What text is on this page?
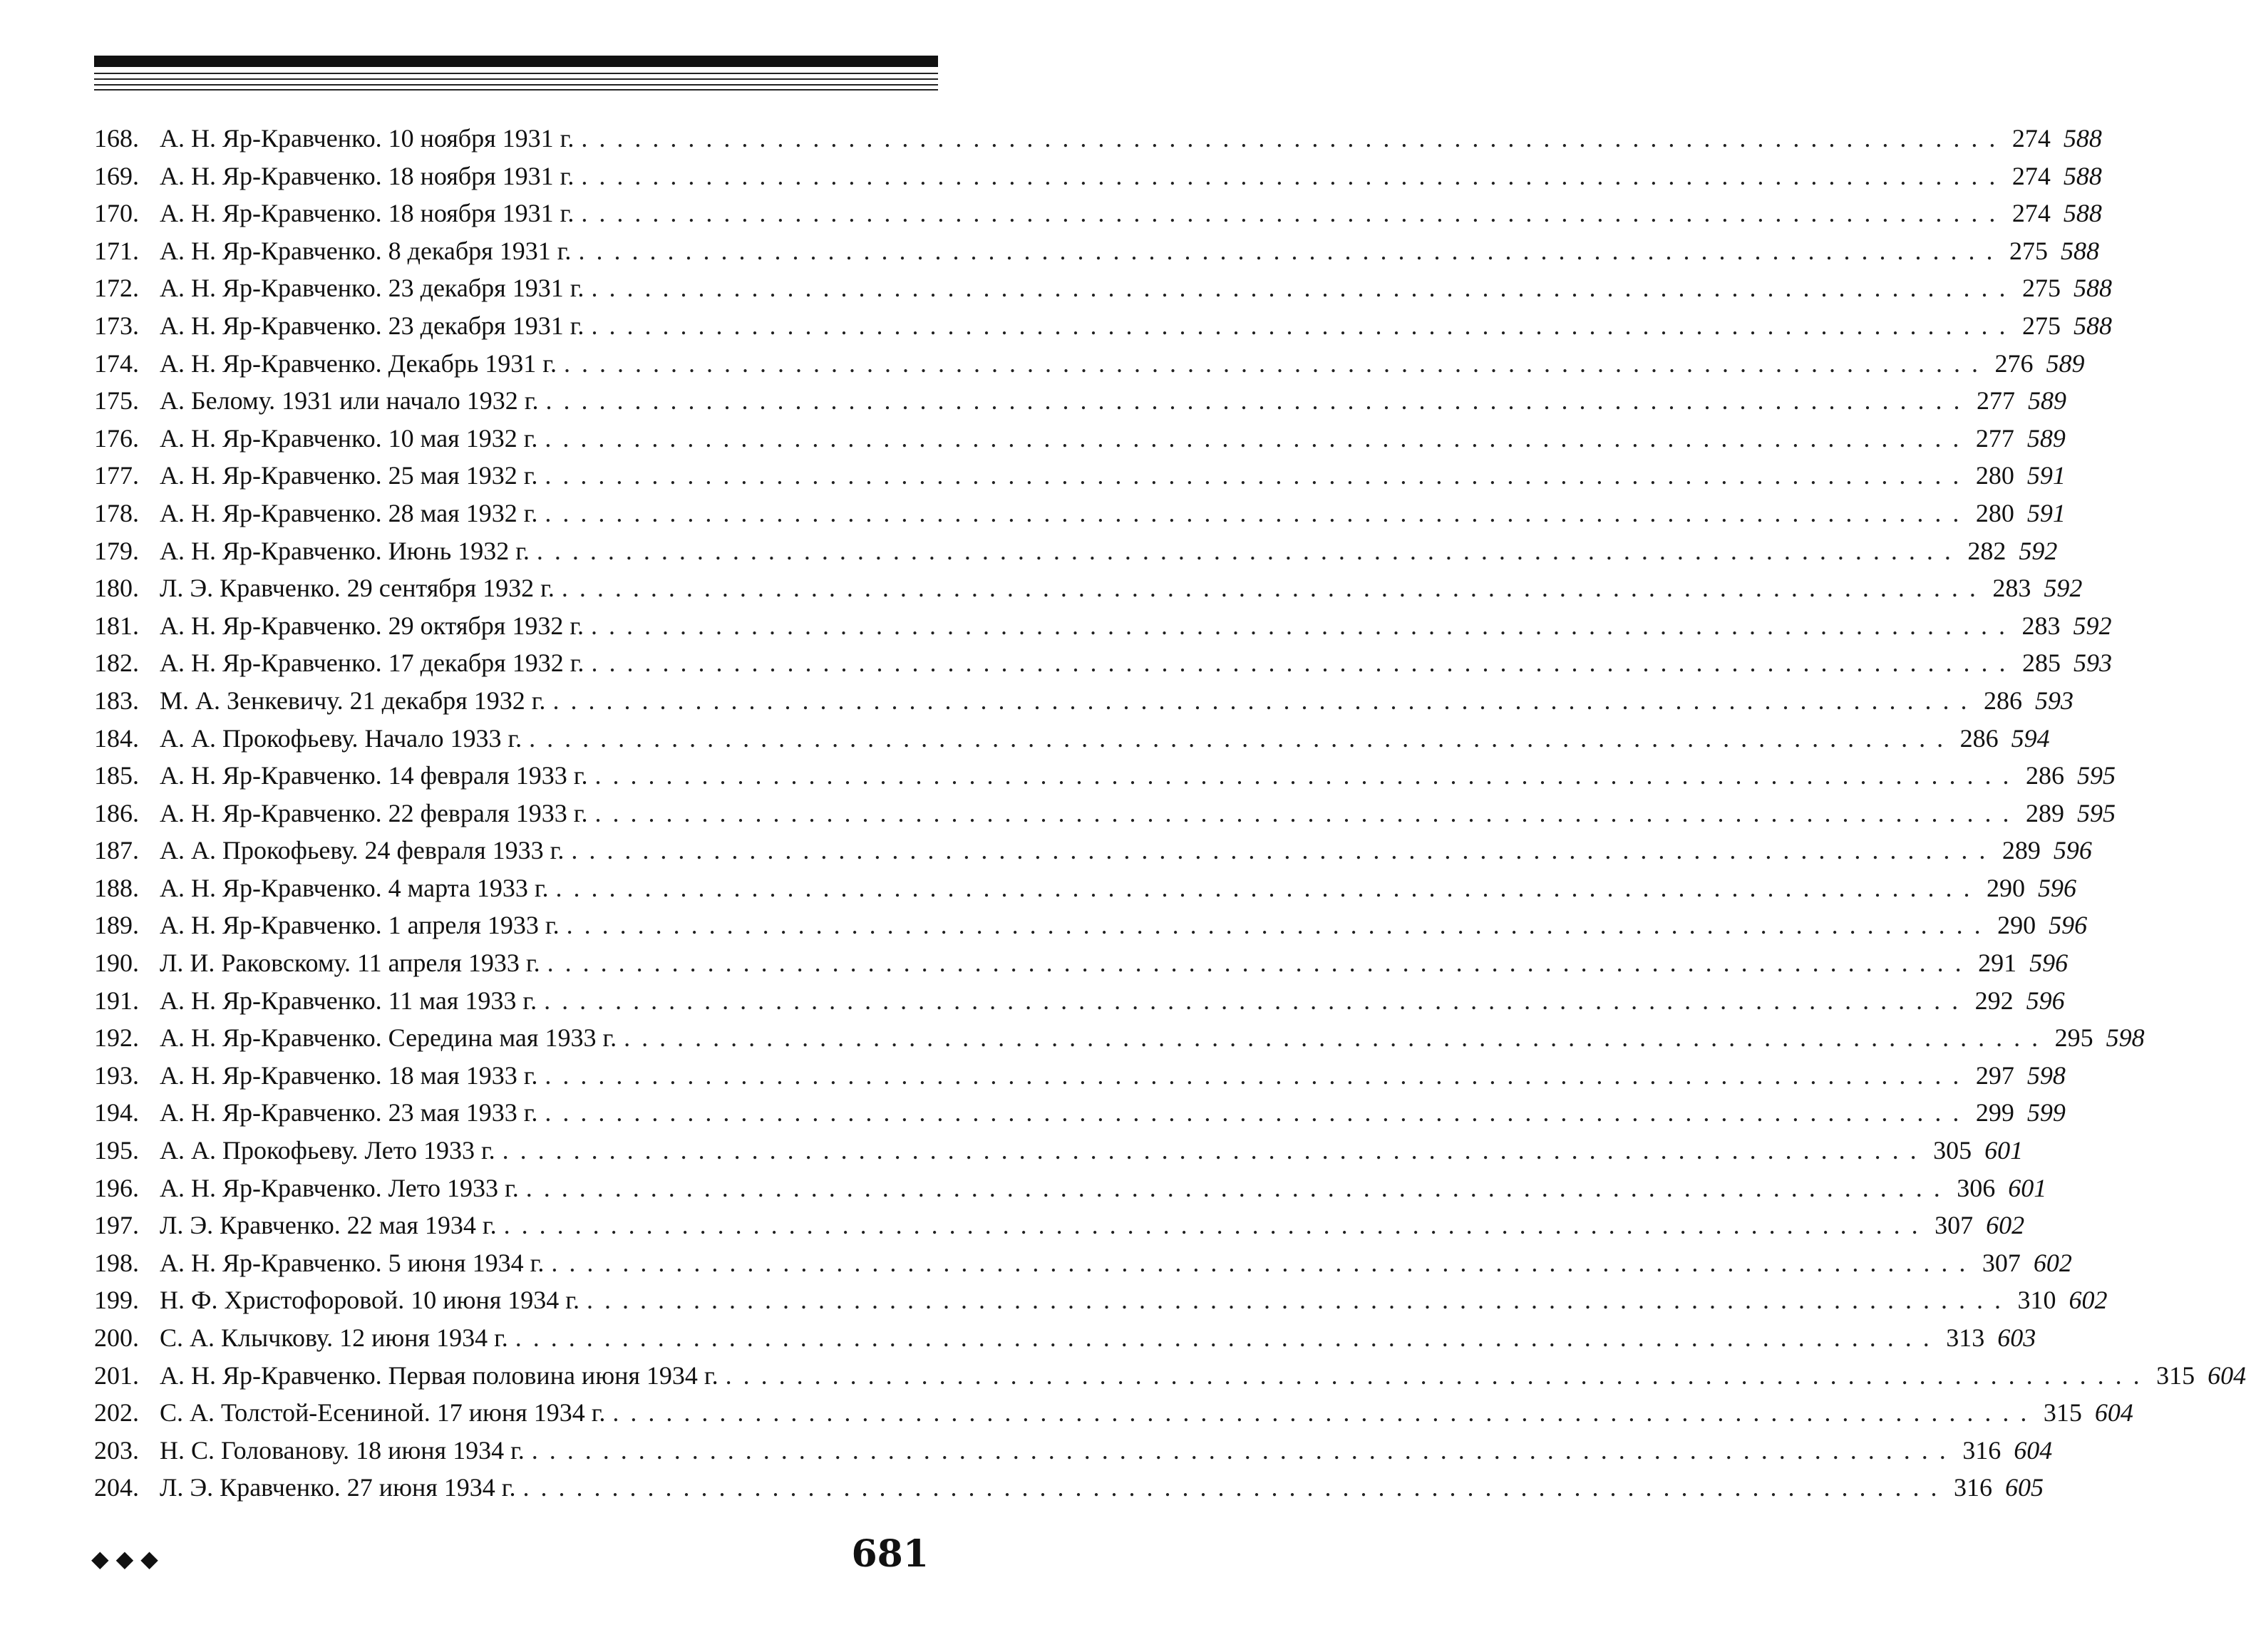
168. А. Н. Яр-Кравченко. 10 ноября 1931 г. . . . . . . . . . . . . . . . . . . . . . . . . . . . . . . . . . . . . . . . . . . . . . . . . . . . . . . . . . . . . . . . . . . . . . . . . . . . . . . . . 274 588
169. А. Н. Яр-Кравченко. 18 ноября 1931 г. . . . . . . . . . . . . . . . . . . . . . . . . . . . . . . . . . . . . . . . . . . . . . . . . . . . . . . . . . . . . . . . . . . . . . . . . . . . . . . . . 274 588
170. А. Н. Яр-Кравченко. 18 ноября 1931 г. . . . . . . . . . . . . . . . . . . . . . . . . . . . . . . . . . . . . . . . . . . . . . . . . . . . . . . . . . . . . . . . . . . . . . . . . . . . . . . . . 274 588
171. А. Н. Яр-Кравченко. 8 декабря 1931 г. . . . . . . . . . . . . . . . . . . . . . . . . . . . . . . . . . . . . . . . . . . . . . . . . . . . . . . . . . . . . . . . . . . . . . . . . . . . . . . . . 275 588
172. А. Н. Яр-Кравченко. 23 декабря 1931 г. . . . . . . . . . . . . . . . . . . . . . . . . . . . . . . . . . . . . . . . . . . . . . . . . . . . . . . . . . . . . . . . . . . . . . . . . . . . . . . . . 275 588
173. А. Н. Яр-Кравченко. 23 декабря 1931 г. . . . . . . . . . . . . . . . . . . . . . . . . . . . . . . . . . . . . . . . . . . . . . . . . . . . . . . . . . . . . . . . . . . . . . . . . . . . . . . . . 275 588
174. А. Н. Яр-Кравченко. Декабрь 1931 г. . . . . . . . . . . . . . . . . . . . . . . . . . . . . . . . . . . . . . . . . . . . . . . . . . . . . . . . . . . . . . . . . . . . . . . . . . . . . . . . . 276 589
175. А. Белому. 1931 или начало 1932 г. . . . . . . . . . . . . . . . . . . . . . . . . . . . . . . . . . . . . . . . . . . . . . . . . . . . . . . . . . . . . . . . . . . . . . . . . . . . . . . . . 277 589
176. А. Н. Яр-Кравченко. 10 мая 1932 г. . . . . . . . . . . . . . . . . . . . . . . . . . . . . . . . . . . . . . . . . . . . . . . . . . . . . . . . . . . . . . . . . . . . . . . . . . . . . . . . . 277 589
177. А. Н. Яр-Кравченко. 25 мая 1932 г. . . . . . . . . . . . . . . . . . . . . . . . . . . . . . . . . . . . . . . . . . . . . . . . . . . . . . . . . . . . . . . . . . . . . . . . . . . . . . . . . 280 591
178. А. Н. Яр-Кравченко. 28 мая 1932 г. . . . . . . . . . . . . . . . . . . . . . . . . . . . . . . . . . . . . . . . . . . . . . . . . . . . . . . . . . . . . . . . . . . . . . . . . . . . . . . . . 280 591
179. А. Н. Яр-Кравченко. Июнь 1932 г. . . . . . . . . . . . . . . . . . . . . . . . . . . . . . . . . . . . . . . . . . . . . . . . . . . . . . . . . . . . . . . . . . . . . . . . . . . . . . . . . 282 592
180. Л. Э. Кравченко. 29 сентября 1932 г. . . . . . . . . . . . . . . . . . . . . . . . . . . . . . . . . . . . . . . . . . . . . . . . . . . . . . . . . . . . . . . . . . . . . . . . . . . . . . . . . 283 592
181. А. Н. Яр-Кравченко. 29 октября 1932 г. . . . . . . . . . . . . . . . . . . . . . . . . . . . . . . . . . . . . . . . . . . . . . . . . . . . . . . . . . . . . . . . . . . . . . . . . . . . . . . . . 283 592
182. А. Н. Яр-Кравченко. 17 декабря 1932 г. . . . . . . . . . . . . . . . . . . . . . . . . . . . . . . . . . . . . . . . . . . . . . . . . . . . . . . . . . . . . . . . . . . . . . . . . . . . . . . . . 285 593
183. М. А. Зенкевичу. 21 декабря 1932 г. . . . . . . . . . . . . . . . . . . . . . . . . . . . . . . . . . . . . . . . . . . . . . . . . . . . . . . . . . . . . . . . . . . . . . . . . . . . . . . . . 286 593
184. А. А. Прокофьеву. Начало 1933 г. . . . . . . . . . . . . . . . . . . . . . . . . . . . . . . . . . . . . . . . . . . . . . . . . . . . . . . . . . . . . . . . . . . . . . . . . . . . . . . . . 286 594
185. А. Н. Яр-Кравченко. 14 февраля 1933 г. . . . . . . . . . . . . . . . . . . . . . . . . . . . . . . . . . . . . . . . . . . . . . . . . . . . . . . . . . . . . . . . . . . . . . . . . . . . . . . . . 286 595
186. А. Н. Яр-Кравченко. 22 февраля 1933 г. . . . . . . . . . . . . . . . . . . . . . . . . . . . . . . . . . . . . . . . . . . . . . . . . . . . . . . . . . . . . . . . . . . . . . . . . . . . . . . . . 289 595
187. А. А. Прокофьеву. 24 февраля 1933 г. . . . . . . . . . . . . . . . . . . . . . . . . . . . . . . . . . . . . . . . . . . . . . . . . . . . . . . . . . . . . . . . . . . . . . . . . . . . . . . . . 289 596
188. А. Н. Яр-Кравченко. 4 марта 1933 г. . . . . . . . . . . . . . . . . . . . . . . . . . . . . . . . . . . . . . . . . . . . . . . . . . . . . . . . . . . . . . . . . . . . . . . . . . . . . . . . . 290 596
189. А. Н. Яр-Кравченко. 1 апреля 1933 г. . . . . . . . . . . . . . . . . . . . . . . . . . . . . . . . . . . . . . . . . . . . . . . . . . . . . . . . . . . . . . . . . . . . . . . . . . . . . . . . . 290 596
190. Л. И. Раковскому. 11 апреля 1933 г. . . . . . . . . . . . . . . . . . . . . . . . . . . . . . . . . . . . . . . . . . . . . . . . . . . . . . . . . . . . . . . . . . . . . . . . . . . . . . . . . 291 596
191. А. Н. Яр-Кравченко. 11 мая 1933 г. . . . . . . . . . . . . . . . . . . . . . . . . . . . . . . . . . . . . . . . . . . . . . . . . . . . . . . . . . . . . . . . . . . . . . . . . . . . . . . . . 292 596
192. А. Н. Яр-Кравченко. Середина мая 1933 г. . . . . . . . . . . . . . . . . . . . . . . . . . . . . . . . . . . . . . . . . . . . . . . . . . . . . . . . . . . . . . . . . . . . . . . . . . . . . . . . . 295 598
193. А. Н. Яр-Кравченко. 18 мая 1933 г. . . . . . . . . . . . . . . . . . . . . . . . . . . . . . . . . . . . . . . . . . . . . . . . . . . . . . . . . . . . . . . . . . . . . . . . . . . . . . . . . 297 598
194. А. Н. Яр-Кравченко. 23 мая 1933 г. . . . . . . . . . . . . . . . . . . . . . . . . . . . . . . . . . . . . . . . . . . . . . . . . . . . . . . . . . . . . . . . . . . . . . . . . . . . . . . . . 299 599
195. А. А. Прокофьеву. Лето 1933 г. . . . . . . . . . . . . . . . . . . . . . . . . . . . . . . . . . . . . . . . . . . . . . . . . . . . . . . . . . . . . . . . . . . . . . . . . . . . . . . . . 305 601
196. А. Н. Яр-Кравченко. Лето 1933 г. . . . . . . . . . . . . . . . . . . . . . . . . . . . . . . . . . . . . . . . . . . . . . . . . . . . . . . . . . . . . . . . . . . . . . . . . . . . . . . . . 306 601
197. Л. Э. Кравченко. 22 мая 1934 г. . . . . . . . . . . . . . . . . . . . . . . . . . . . . . . . . . . . . . . . . . . . . . . . . . . . . . . . . . . . . . . . . . . . . . . . . . . . . . . . . 307 602
198. А. Н. Яр-Кравченко. 5 июня 1934 г. . . . . . . . . . . . . . . . . . . . . . . . . . . . . . . . . . . . . . . . . . . . . . . . . . . . . . . . . . . . . . . . . . . . . . . . . . . . . . . . . 307 602
199. Н. Ф. Христофоровой. 10 июня 1934 г. . . . . . . . . . . . . . . . . . . . . . . . . . . . . . . . . . . . . . . . . . . . . . . . . . . . . . . . . . . . . . . . . . . . . . . . . . . . . . . . . 310 602
200. С. А. Клычкову. 12 июня 1934 г. . . . . . . . . . . . . . . . . . . . . . . . . . . . . . . . . . . . . . . . . . . . . . . . . . . . . . . . . . . . . . . . . . . . . . . . . . . . . . . . . 313 603
201. А. Н. Яр-Кравченко. Первая половина июня 1934 г. . . . . . . . . . . . . . . . . . . . . . . . . . . . . . . . . . . . . . . . . . . . . . . . . . . . . . . . . . . . . . . . . . . . . . . . . . . . . . . . . 315 604
202. С. А. Толстой-Есениной. 17 июня 1934 г. . . . . . . . . . . . . . . . . . . . . . . . . . . . . . . . . . . . . . . . . . . . . . . . . . . . . . . . . . . . . . . . . . . . . . . . . . . . . . . . . 315 604
203. Н. С. Голованову. 18 июня 1934 г. . . . . . . . . . . . . . . . . . . . . . . . . . . . . . . . . . . . . . . . . . . . . . . . . . . . . . . . . . . . . . . . . . . . . . . . . . . . . . . . . 316 604
204. Л. Э. Кравченко. 27 июня 1934 г. . . . . . . . . . . . . . . . . . . . . . . . . . . . . . . . . . . . . . . . . . . . . . . . . . . . . . . . . . . . . . . . . . . . . . . . . . . . . . . . . 316 605
◆◆◆	681
